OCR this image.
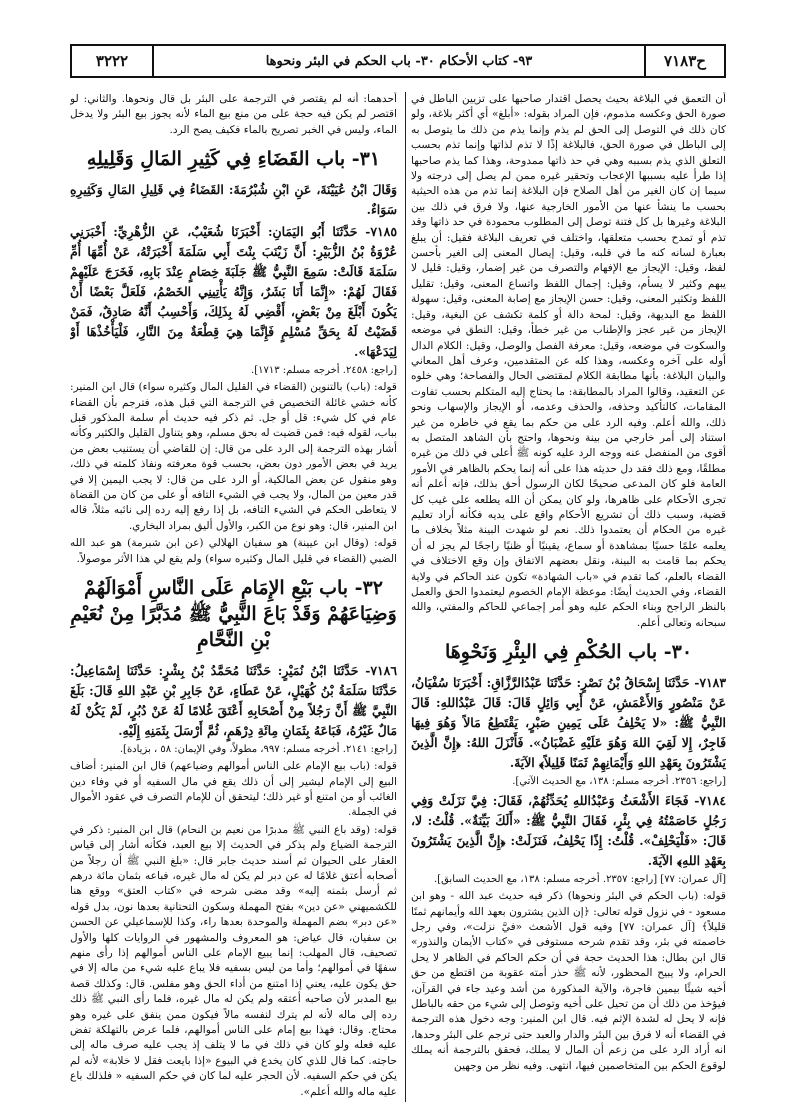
ح٧١٨٣
٩٣- كتاب الأحكام ٣٠- باب الحكم في البئر ونحوها
٣٢٢٢

أن التعمق في البلاغة بحيث يحصل اقتدار صاحبها على تزيين الباطل في صورة الحق وعكسه مذموم، فإن المراد بقوله: «أبلغ» أي أكثر بلاغة، ولو كان ذلك في التوصل إلى الحق لم يذم وإنما يذم من ذلك ما يتوصل به إلى الباطل في صورة الحق، فالبلاغة إذًا لا تذم لذاتها وإنما تذم بحسب التعلق الذي يذم بسببه وهي في حد ذاتها ممدوحة، وهذا كما يذم صاحبها إذا طرأ عليه بسببها الإعجاب وتحقير غيره ممن لم يصل إلى درجته ولا سيما إن كان الغير من أهل الصلاح فإن البلاغة إنما تذم من هذه الحيثية بحسب ما ينشأ عنها من الأمور الخارجية عنها، ولا فرق في ذلك بين البلاغة وغيرها بل كل فتنة توصل إلى المطلوب محمودة في حد ذاتها وقد تذم أو تمدح بحسب متعلقها، واختلف في تعريف البلاغة فقيل: أن يبلغ بعبارة لسانه كنه ما في قلبه، وقيل: إيصال المعنى إلى الغير بأحسن لفظ، وقيل: الإيجاز مع الإفهام والتصرف من غير إضمار، وقيل: قليل لا يبهم وكثير لا يسأم، وقيل: إجمال اللفظ واتساع المعنى، وقيل: تقليل اللفظ وتكثير المعنى، وقيل: حسن الإيجاز مع إصابة المعنى، وقيل: سهولة اللفظ مع البديهة، وقيل: لمحة دالة أو كلمة تكشف عن البغية، وقيل: الإيجاز من غير عجز والإطناب من غير خطأ، وقيل: النطق في موضعه والسكوت في موضعه، وقيل: معرفة الفصل والوصل، وقيل: الكلام الدال أوله على آخره وعكسه، وهذا كله عن المتقدمين، وعرف أهل المعاني والبيان البلاغة: بأنها مطابقة الكلام لمقتضى الحال والفصاحة؛ وهي خلوه عن التعقيد، وقالوا المراد بالمطابقة: ما يحتاج إليه المتكلم بحسب تفاوت المقامات، كالتأكيد وحذفه، والحذف وعدمه، أو الإيجاز والإسهاب ونحو ذلك، والله أعلم. وفيه الرد على من حكم بما يقع في خاطره من غير استناد إلى أمر خارجي من بينة ونحوها، واحتج بأن الشاهد المتصل به أقوى من المنفصل عنه ووجه الرد عليه كونه ﷺ أعلى في ذلك من غيره مطلقًا، ومع ذلك فقد دل حديثه هذا على أنه إنما يحكم بالظاهر في الأمور العامة فلو كان المدعى صحيحًا لكان الرسول أحق بذلك، فإنه أعلم أنه تجرى الأحكام على ظاهرها، ولو كان يمكن أن الله يطلعه على غيب كل قضية، وسبب ذلك أن تشريع الأحكام واقع على يديه فكأنه أراد تعليم غيره من الحكام أن يعتمدوا ذلك. نعم لو شهدت البينة مثلاً بخلاف ما يعلمه علمًا حسيًا بمشاهدة أو سماع، يقينيًا أو ظنيًا راجحًا لم يجز له أن يحكم بما قامت به البينة، ونقل بعضهم الاتفاق وإن وقع الاختلاف في القضاء بالعلم، كما تقدم في «باب الشهادة» تكون عند الحاكم في ولاية القضاء، وفي الحديث أيضًا: موعظة الإمام الخصوم ليعتمدوا الحق والعمل بالنظر الراجح وبناء الحكم عليه وهو أمر إجماعي للحاكم والمفتي، والله سبحانه وتعالى أعلم.

٣٠- باب الحُكْمِ فِي البِئْرِ وَنَحْوِهَا

٧١٨٣- حَدَّثَنَا إِسْحَاقُ بْنُ نَصْرٍ: حَدَّثَنَا عَبْدُالرَّزَّاقِ: أَخْبَرَنَا سُفْيَانُ، عَنْ مَنْصُورٍ وَالأَعْمَشِ، عَنْ أَبِي وَائِلٍ قَالَ: قَالَ عَبْدُاللهِ: قَالَ النَّبِيُّ ﷺ: «لا يَحْلِفُ عَلَى يَمِينِ صَبْرٍ، يَقْتَطِعُ مَالاً وَهُوَ فِيهَا فَاجِرٌ، إِلا لَقِيَ اللهَ وَهُوَ عَلَيْهِ غَضْبَانُ». فَأَنْزَلَ اللهُ: ﴿إِنَّ الَّذِينَ يَشْتَرُونَ بِعَهْدِ اللهِ وَأَيْمَانِهِمْ ثَمَنًا قَلِيلاً﴾ الآيَةَ.

[راجع: ٢٣٥٦. أخرجه مسلم: ١٣٨، مع الحديث الآتي].

٧١٨٤- فَجَاءَ الأَشْعَثُ وَعَبْدُاللهِ يُحَدِّثُهُمْ، فَقَالَ: فِيَّ نَزَلَتْ وَفِي رَجُلٍ خَاصَمْتُهُ فِي بِئْرٍ، فَقَالَ النَّبِيُّ ﷺ: «أَلَكَ بَيِّنَةٌ». قُلْتُ: لا، قَالَ: «فَلْيَحْلِفْ». قُلْتُ: إِذًا يَحْلِفُ، فَنَزَلَتْ: ﴿إِنَّ الَّذِينَ يَشْتَرُونَ بِعَهْدِ اللهِ﴾ الآيَةَ.

[آل عمران: ٧٧] [راجع: ٢٣٥٧. أخرجه مسلم: ١٣٨، مع الحديث السابق].

قوله: (باب الحكم في البئر ونحوها) ذكر فيه حديث عبد الله - وهو ابن مسعود - في نزول قوله تعالى: ﴿إن الذين يشترون بعهد الله وأيمانهم ثمنًا قليلاً﴾ [آل عمران: ٧٧] وفيه قول الأشعث «فيَّ نزلت»، وفي رجل خاصمته في بئر، وقد تقدم شرحه مستوفى في «كتاب الأيمان والنذور» قال ابن بطال: هذا الحديث حجة في أن حكم الحاكم في الظاهر لا يحل الحرام، ولا يبيح المحظور، لأنه ﷺ حذر أمته عقوبة من اقتطع من حق أخيه شيئًا بيمين فاجرة، والآية المذكورة من أشد وعيد جاء في القرآن، فيؤخذ من ذلك أن من تحيل على أخيه وتوصل إلى شيء من حقه بالباطل فإنه لا يحل له لشدة الإثم فيه. قال ابن المنير: وجه دخول هذه الترجمة في القضاء أنه لا فرق بين البئر والدار والعبد حتى ترجم على البئر وحدها، انه أراد الرد على من زعم أن المال لا يملك، فحقق بالترجمة أنه يملك لوقوع الحكم بين المتخاصمين فيها، انتهى. وفيه نظر من وجهين

أحدهما: أنه لم يقتصر في الترجمة على البئر بل قال ونحوها. والثاني: لو اقتصر لم يكن فيه حجة على من منع بيع الماء لأنه يجوز بيع البئر ولا يدخل الماء، وليس في الخبر تصريح بالماء فكيف يصح الرد.

٣١- باب القَضَاءِ فِي كَثِيرِ المَالِ وَقَلِيلِهِ

وَقَالَ ابْنُ عُيَيْنَةَ، عَنِ ابْنِ شُبْرُمَةَ: القَضَاءُ فِي قَلِيلِ المَالِ وَكَثِيرِهِ سَوَاءٌ.

٧١٨٥- حَدَّثَنَا أَبُو اليَمَانِ: أَخْبَرَنَا شُعَيْبٌ، عَنِ الزُّهْرِيِّ: أَخْبَرَنِي عُرْوَةُ بْنُ الزُّبَيْرِ: أَنَّ زَيْنَبَ بِنْتَ أَبِي سَلَمَةَ أَخْبَرَتْهُ، عَنْ أُمِّهَا أُمِّ سَلَمَةَ قَالَتْ: سَمِعَ النَّبِيُّ ﷺ جَلَبَةَ خِصَامٍ عِنْدَ بَابِهِ، فَخَرَجَ عَلَيْهِمْ فَقَالَ لَهُمْ: «إِنَّمَا أَنَا بَشَرٌ، وَإِنَّهُ يَأْتِينِي الخَصْمُ، فَلَعَلَّ بَعْضًا أَنْ يَكُونَ أَبْلَغَ مِنْ بَعْضٍ، أَقْضِي لَهُ بِذَلِكَ، وَأَحْسِبُ أَنَّهُ صَادِقٌ، فَمَنْ قَضَيْتُ لَهُ بِحَقِّ مُسْلِمٍ فَإِنَّمَا هِيَ قِطْعَةٌ مِنَ النَّارِ، فَلْيَأْخُذْهَا أَوْ لِيَدَعْهَا».

[راجع: ٢٤٥٨. أخرجه مسلم: ١٧١٣].

قوله: (باب) بالتنوين (القضاء في القليل المال وكثيره سواء) قال ابن المنير: كأنه خشي غائلة التخصيص في الترجمة التي قبل هذه، فترجم بأن القضاء عام في كل شيء: قل أو جل. ثم ذكر فيه حديث أم سلمة المذكور قبل بباب، لقوله فيه: فمن قضيت له بحق مسلم، وهو يتناول القليل والكثير وكأنه أشار بهذه الترجمة إلى الرد على من قال: إن للقاضي أن يستنيب بعض من يريد في بعض الأمور دون بعض، بحسب قوة معرفته ونفاذ كلمته في ذلك، وهو منقول عن بعض المالكية، أو الرد على من قال: لا يجب اليمين إلا في قدر معين من المال، ولا يجب في الشيء التافه أو على من كان من القضاة لا يتعاطى الحكم في الشيء التافه، بل إذا رفع إليه رده إلى نائبه مثلاً، قاله ابن المنير، قال: وهو نوع من الكبر، والأول أليق بمراد البخاري.

قوله: (وقال ابن عيينة) هو سفيان الهلالي (عن ابن شبرمة) هو عبد الله الضبي (القضاء في قليل المال وكثيره سواء) ولم يقع لي هذا الأثر موصولاً.

٣٢- باب بَيْعِ الإِمَامِ عَلَى النَّاسِ أَمْوَالَهُمْ وَضِيَاعَهُمْ وَقَدْ بَاعَ النَّبِيُّ ﷺ مُدَبَّرًا مِنْ نُعَيْمِ بْنِ النَّحَّامِ

٧١٨٦- حَدَّثَنَا ابْنُ نُمَيْرٍ: حَدَّثَنَا مُحَمَّدُ بْنُ بِشْرٍ: حَدَّثَنَا إِسْمَاعِيلُ: حَدَّثَنَا سَلَمَةُ بْنُ كُهَيْلٍ، عَنْ عَطَاءٍ، عَنْ جَابِرِ بْنِ عَبْدِ اللهِ قَالَ: بَلَغَ النَّبِيَّ ﷺ أَنَّ رَجُلاً مِنْ أَصْحَابِهِ أَعْتَقَ غُلامًا لَهُ عَنْ دُبُرٍ، لَمْ يَكُنْ لَهُ مَالٌ غَيْرُهُ، فَبَاعَهُ بِثَمَانِ مِائَةِ دِرْهَمٍ، ثُمَّ أَرْسَلَ بِثَمَنِهِ إِلَيْهِ.

[راجع: ٢١٤١. أخرجه مسلم: ٩٩٧، مطولاً، وفي الإيمان: ٥٨ ، بزيادة].

قوله: (باب بيع الإمام على الناس أموالهم وضياعهم) قال ابن المنير: أضاف البيع إلى الإمام ليشير إلى أن ذلك يقع في مال السفيه أو في وفاء دين الغائب أو من امتنع أو غير ذلك؛ ليتحقق أن للإمام التصرف في عقود الأموال في الجملة.

قوله: (وقد باع النبي ﷺ مدبرًا من نعيم بن النحام) قال ابن المنير: ذكر في الترجمة الضياع ولم يذكر في الحديث إلا بيع العبد، فكأنه أشار إلى قياس العقار على الحيوان ثم أسند حديث جابر قال: «بلغ النبي ﷺ أن رجلاً من أصحابه أعتق غلامًا له عن دبر لم يكن له مال غيره، فباعه بثمان مائة درهم ثم أرسل بثمنه إليه» وقد مضى شرحه في «كتاب العتق» ووقع هنا للكشميهني «عن دين» بفتح المهملة وسكون التحتانية بعدها نون، بدل قوله «عن دبر» بضم المهملة والموحدة بعدها راء، وكذا للإسماعيلي عن الحسن بن سفيان، قال عياض: هو المعروف والمشهور في الروايات كلها والأول تصحيف، قال المهلب: إنما يبيع الإمام على الناس أموالهم إذا رأى منهم سفهًا في أموالهم؛ وأما من ليس بسفيه فلا يباع عليه شيء من ماله إلا في حق يكون عليه، يعني إذا امتنع من أداء الحق وهو مفلس. قال: وكذلك قصة بيع المدبر لأن صاحبه أعتقه ولم يكن له مال غيره، فلما رأى النبي ﷺ ذلك رده إلى ماله لأنه لم يترك لنفسه مالاً فيكون ممن ينفق على غيره وهو محتاج. وقال: فهذا بيع إمام على الناس أموالهم، فلما عرض بالتهلكة تفض عليه فعله ولو كان في ذلك في ما لا يتلف إذ يجب عليه صرف ماله إلى حاجته. كما قال للذي كان يخدع في البيوع «إذا بايعت فقل لا خلابة» لأنه لم يكن في حكم السفيه. لأن الحجر عليه لما كان في حكم السفيه « فلذلك باع عليه ماله والله أعلم».
